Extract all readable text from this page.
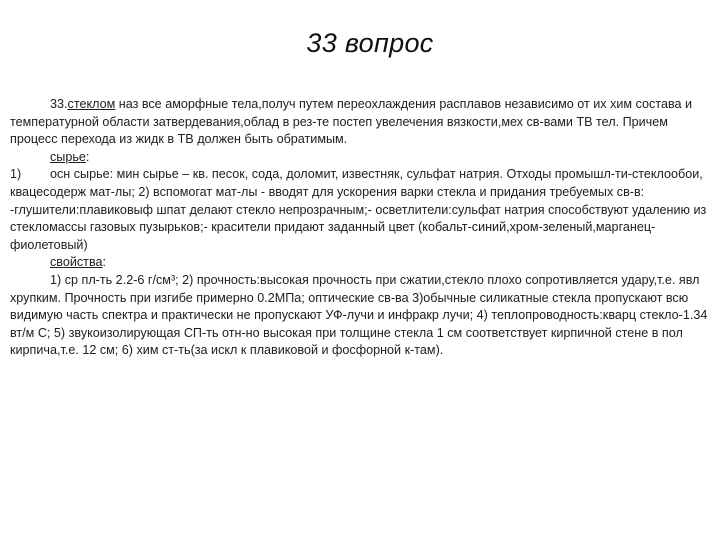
33 вопрос

33.стеклом наз все аморфные тела,получ путем переохлаждения расплавов независимо от их хим состава и температурной области затвердевания,облад в рез-те постеп увелечения вязкости,мех св-вами ТВ тел. Причем процесс перехода из жидк в ТВ должен быть обратимым.

сырье:

1) осн сырье: мин сырье – кв. песок, сода, доломит, известняк, сульфат натрия. Отходы промышл-ти-стеклообои, квацесодерж мат-лы; 2) вспомогат мат-лы - вводят для ускорения варки стекла и придания требуемых св-в: -глушители:плавиковыф шпат делают стекло непрозрачным;- осветлители:сульфат натрия способствуют удалению из стекломассы газовых пузырьков;- красители придают заданный цвет (кобальт-синий,хром-зеленый,марганец-фиолетовый)

свойства:

1) ср пл-ть 2.2-6 г/см³; 2) прочность:высокая прочность при сжатии,стекло плохо сопротивляется удару,т.е. явл хрупким. Прочность при изгибе примерно 0.2МПа; оптические св-ва 3)обычные силикатные стекла пропускают всю видимую часть спектра и практически не пропускают УФ-лучи и инфракр лучи; 4) теплопроводность:кварц стекло-1.34 вт/м С; 5) звукоизолирующая СП-ть отн-но высокая при толщине стекла 1 см соответствует кирпичной стене в пол кирпича,т.е. 12 см; 6) хим ст-ть(за искл к плавиковой и фосфорной к-там).
